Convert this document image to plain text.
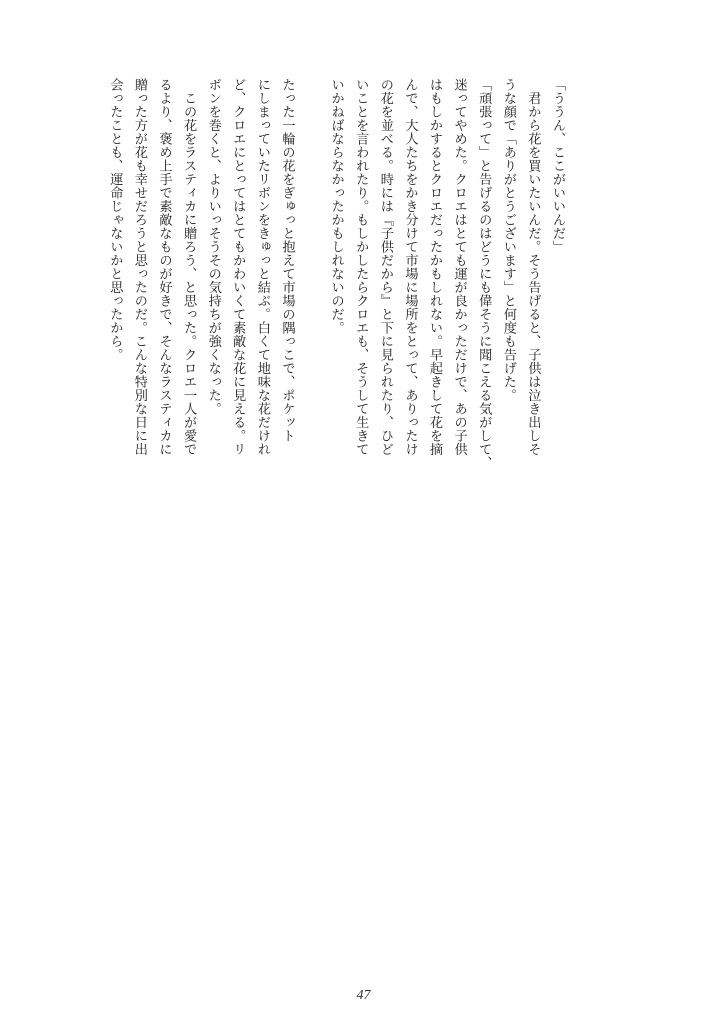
「ううん、ここがいいんだ」
　君から花を買いたいんだ。そう告げると、子供は泣き出しそ
うな顔で「ありがとうございます」と何度も告げた。
「頑張って」と告げるのはどうにも偉そうに聞こえる気がして、
迷ってやめた。クロエはとても運が良かっただけで、あの子供
はもしかするとクロエだったかもしれない。早起きして花を摘
んで、大人たちをかき分けて市場に場所をとって、ありったけ
の花を並べる。時には『子供だから』と下に見られたり、ひど
いことを言われたり。もしかしたらクロエも、そうして生きて
いかねばならなかったかもしれないのだ。
たった一輪の花をぎゅっと抱えて市場の隅っこで、ポケット
にしまっていたリボンをきゅっと結ぶ。白くて地味な花だけれ
ど、クロエにとってはとてもかわいくて素敵な花に見える。リ
ボンを巻くと、よりいっそうその気持ちが強くなった。
　この花をラスティカに贈ろう、と思った。クロエ一人が愛で
るより、褒め上手で素敵なものが好きで、そんなラスティカに
贈った方が花も幸せだろうと思ったのだ。こんな特別な日に出
会ったことも、運命じゃないかと思ったから。
47
